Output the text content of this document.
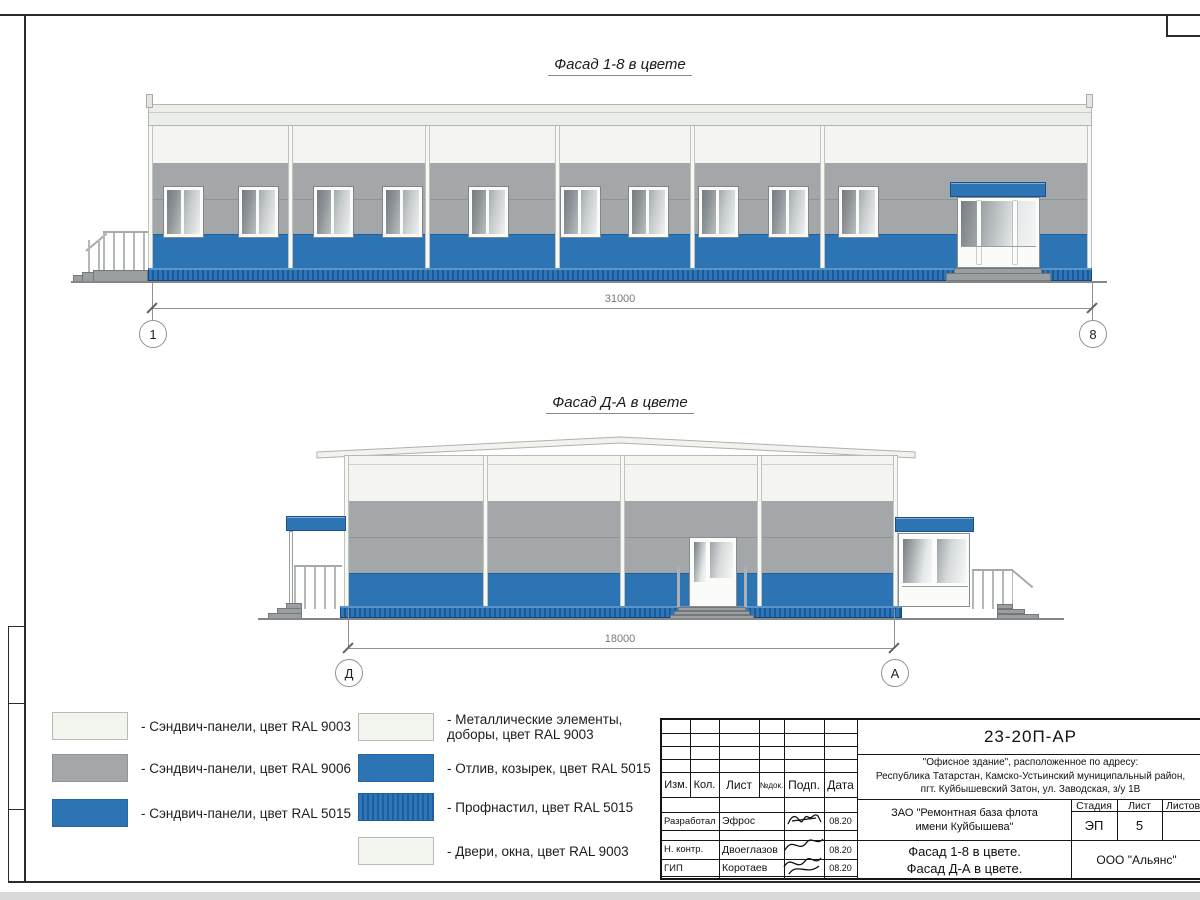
Фасад 1-8 в цвете
31000
1	8
Фасад Д-А в цвете
18000
Д	А
- Сэндвич-панели, цвет RAL 9003
- Сэндвич-панели, цвет RAL 9006
- Сэндвич-панели, цвет RAL 5015
- Металлические элементы, доборы, цвет RAL 9003
- Отлив, козырек, цвет RAL 5015
- Профнастил, цвет RAL 5015
- Двери, окна, цвет RAL 9003
Изм. Кол. Лист №док. Подп. Дата
Разработал Эфрос	08.20
Н. контр.	Двоеглазов	08.20
ГИП	Коротаев	08.20
23-20П-АР
"Офисное здание", расположенное по адресу:
Республика Татарстан, Камско-Устьинский муниципальный район,
пгт. Куйбышевский Затон, ул. Заводская, з/у 1В
ЗАО "Ремонтная база флота
имени Куйбышева"
Стадия	Лист	Листов
ЭП	5
Фасад 1-8 в цвете.
Фасад Д-А в цвете.
ООО "Альянс"
